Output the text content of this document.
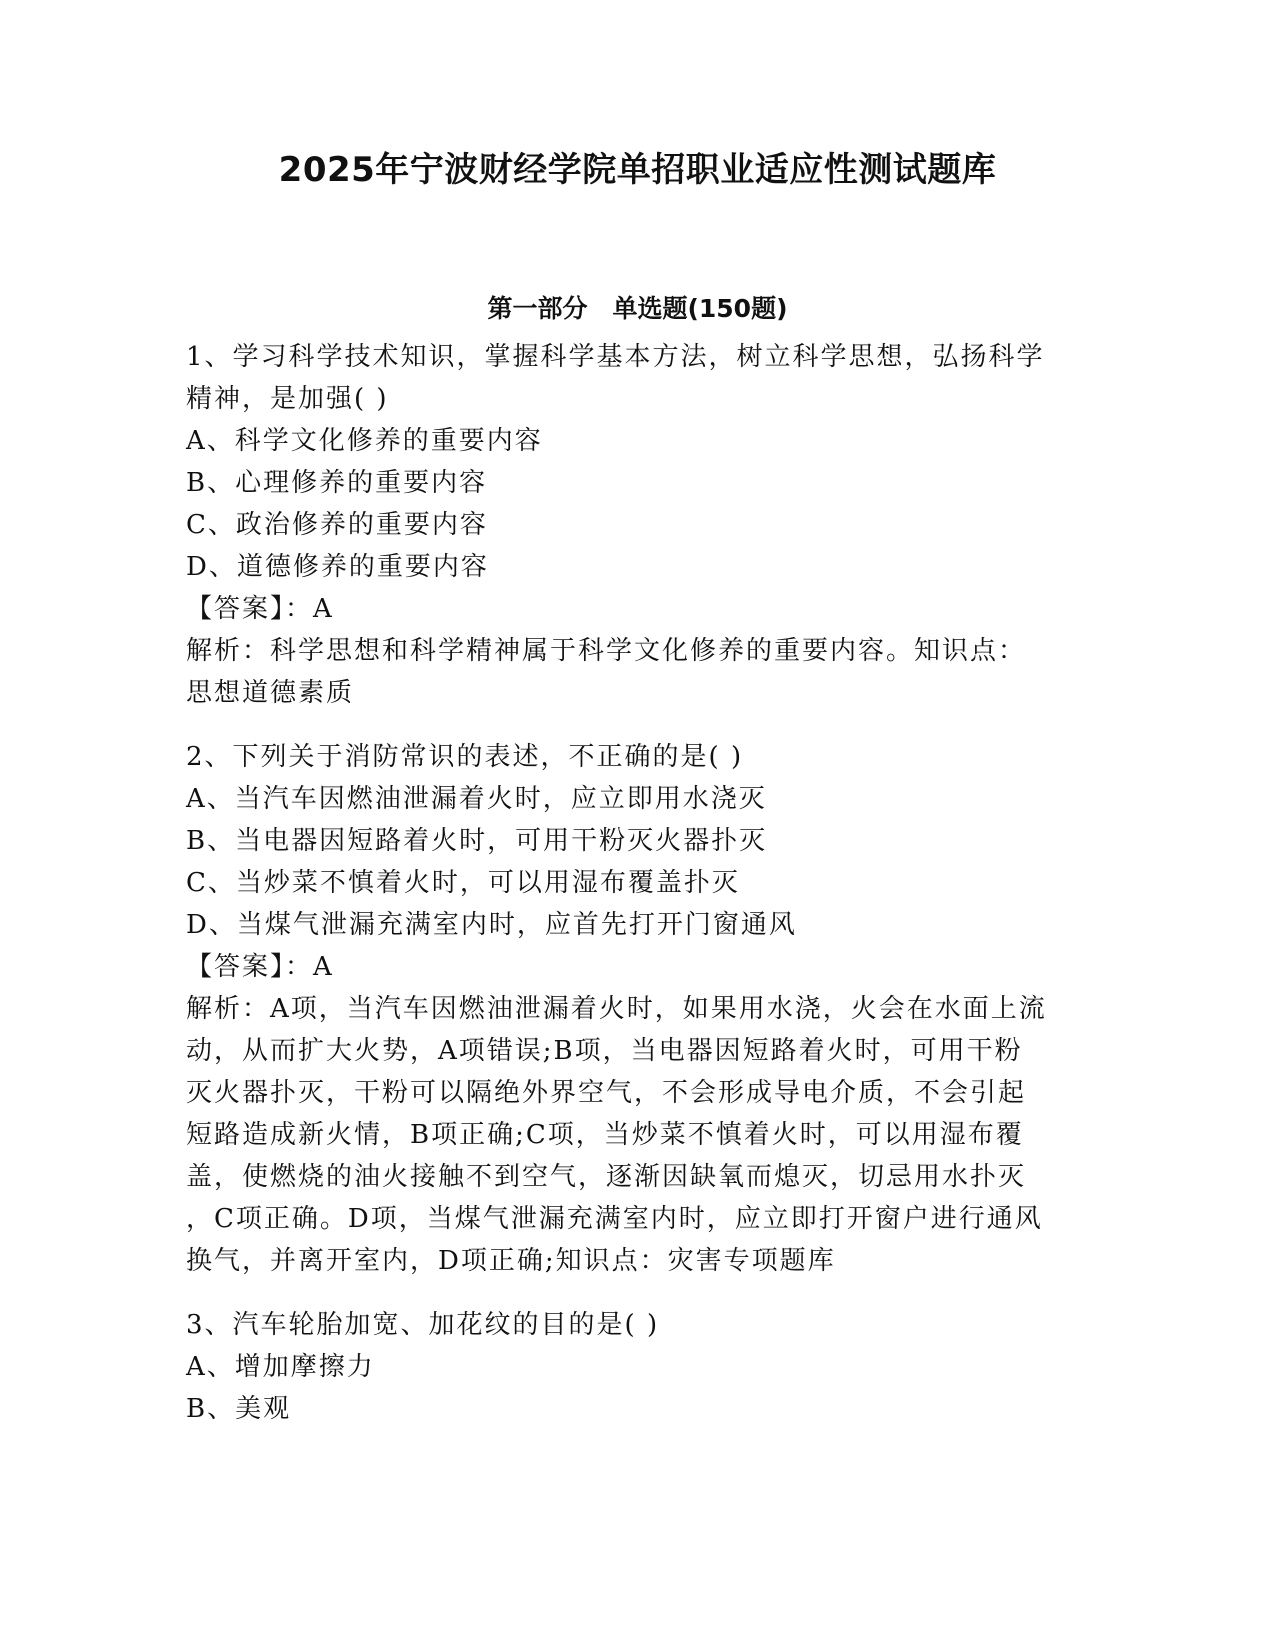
2025年宁波财经学院单招职业适应性测试题库
第一部分　单选题(150题)
1、学习科学技术知识，掌握科学基本方法，树立科学思想，弘扬科学
精神，是加强( )
A、科学文化修养的重要内容
B、心理修养的重要内容
C、政治修养的重要内容
D、道德修养的重要内容
【答案】：A
解析：科学思想和科学精神属于科学文化修养的重要内容。知识点：
思想道德素质
2、下列关于消防常识的表述，不正确的是( )
A、当汽车因燃油泄漏着火时，应立即用水浇灭
B、当电器因短路着火时，可用干粉灭火器扑灭
C、当炒菜不慎着火时，可以用湿布覆盖扑灭
D、当煤气泄漏充满室内时，应首先打开门窗通风
【答案】：A
解析：A项，当汽车因燃油泄漏着火时，如果用水浇，火会在水面上流
动，从而扩大火势，A项错误;B项，当电器因短路着火时，可用干粉
灭火器扑灭，干粉可以隔绝外界空气，不会形成导电介质，不会引起
短路造成新火情，B项正确;C项，当炒菜不慎着火时，可以用湿布覆
盖，使燃烧的油火接触不到空气，逐渐因缺氧而熄灭，切忌用水扑灭
，C项正确。D项，当煤气泄漏充满室内时，应立即打开窗户进行通风
换气，并离开室内，D项正确;知识点：灾害专项题库
3、汽车轮胎加宽、加花纹的目的是( )
A、增加摩擦力
B、美观
